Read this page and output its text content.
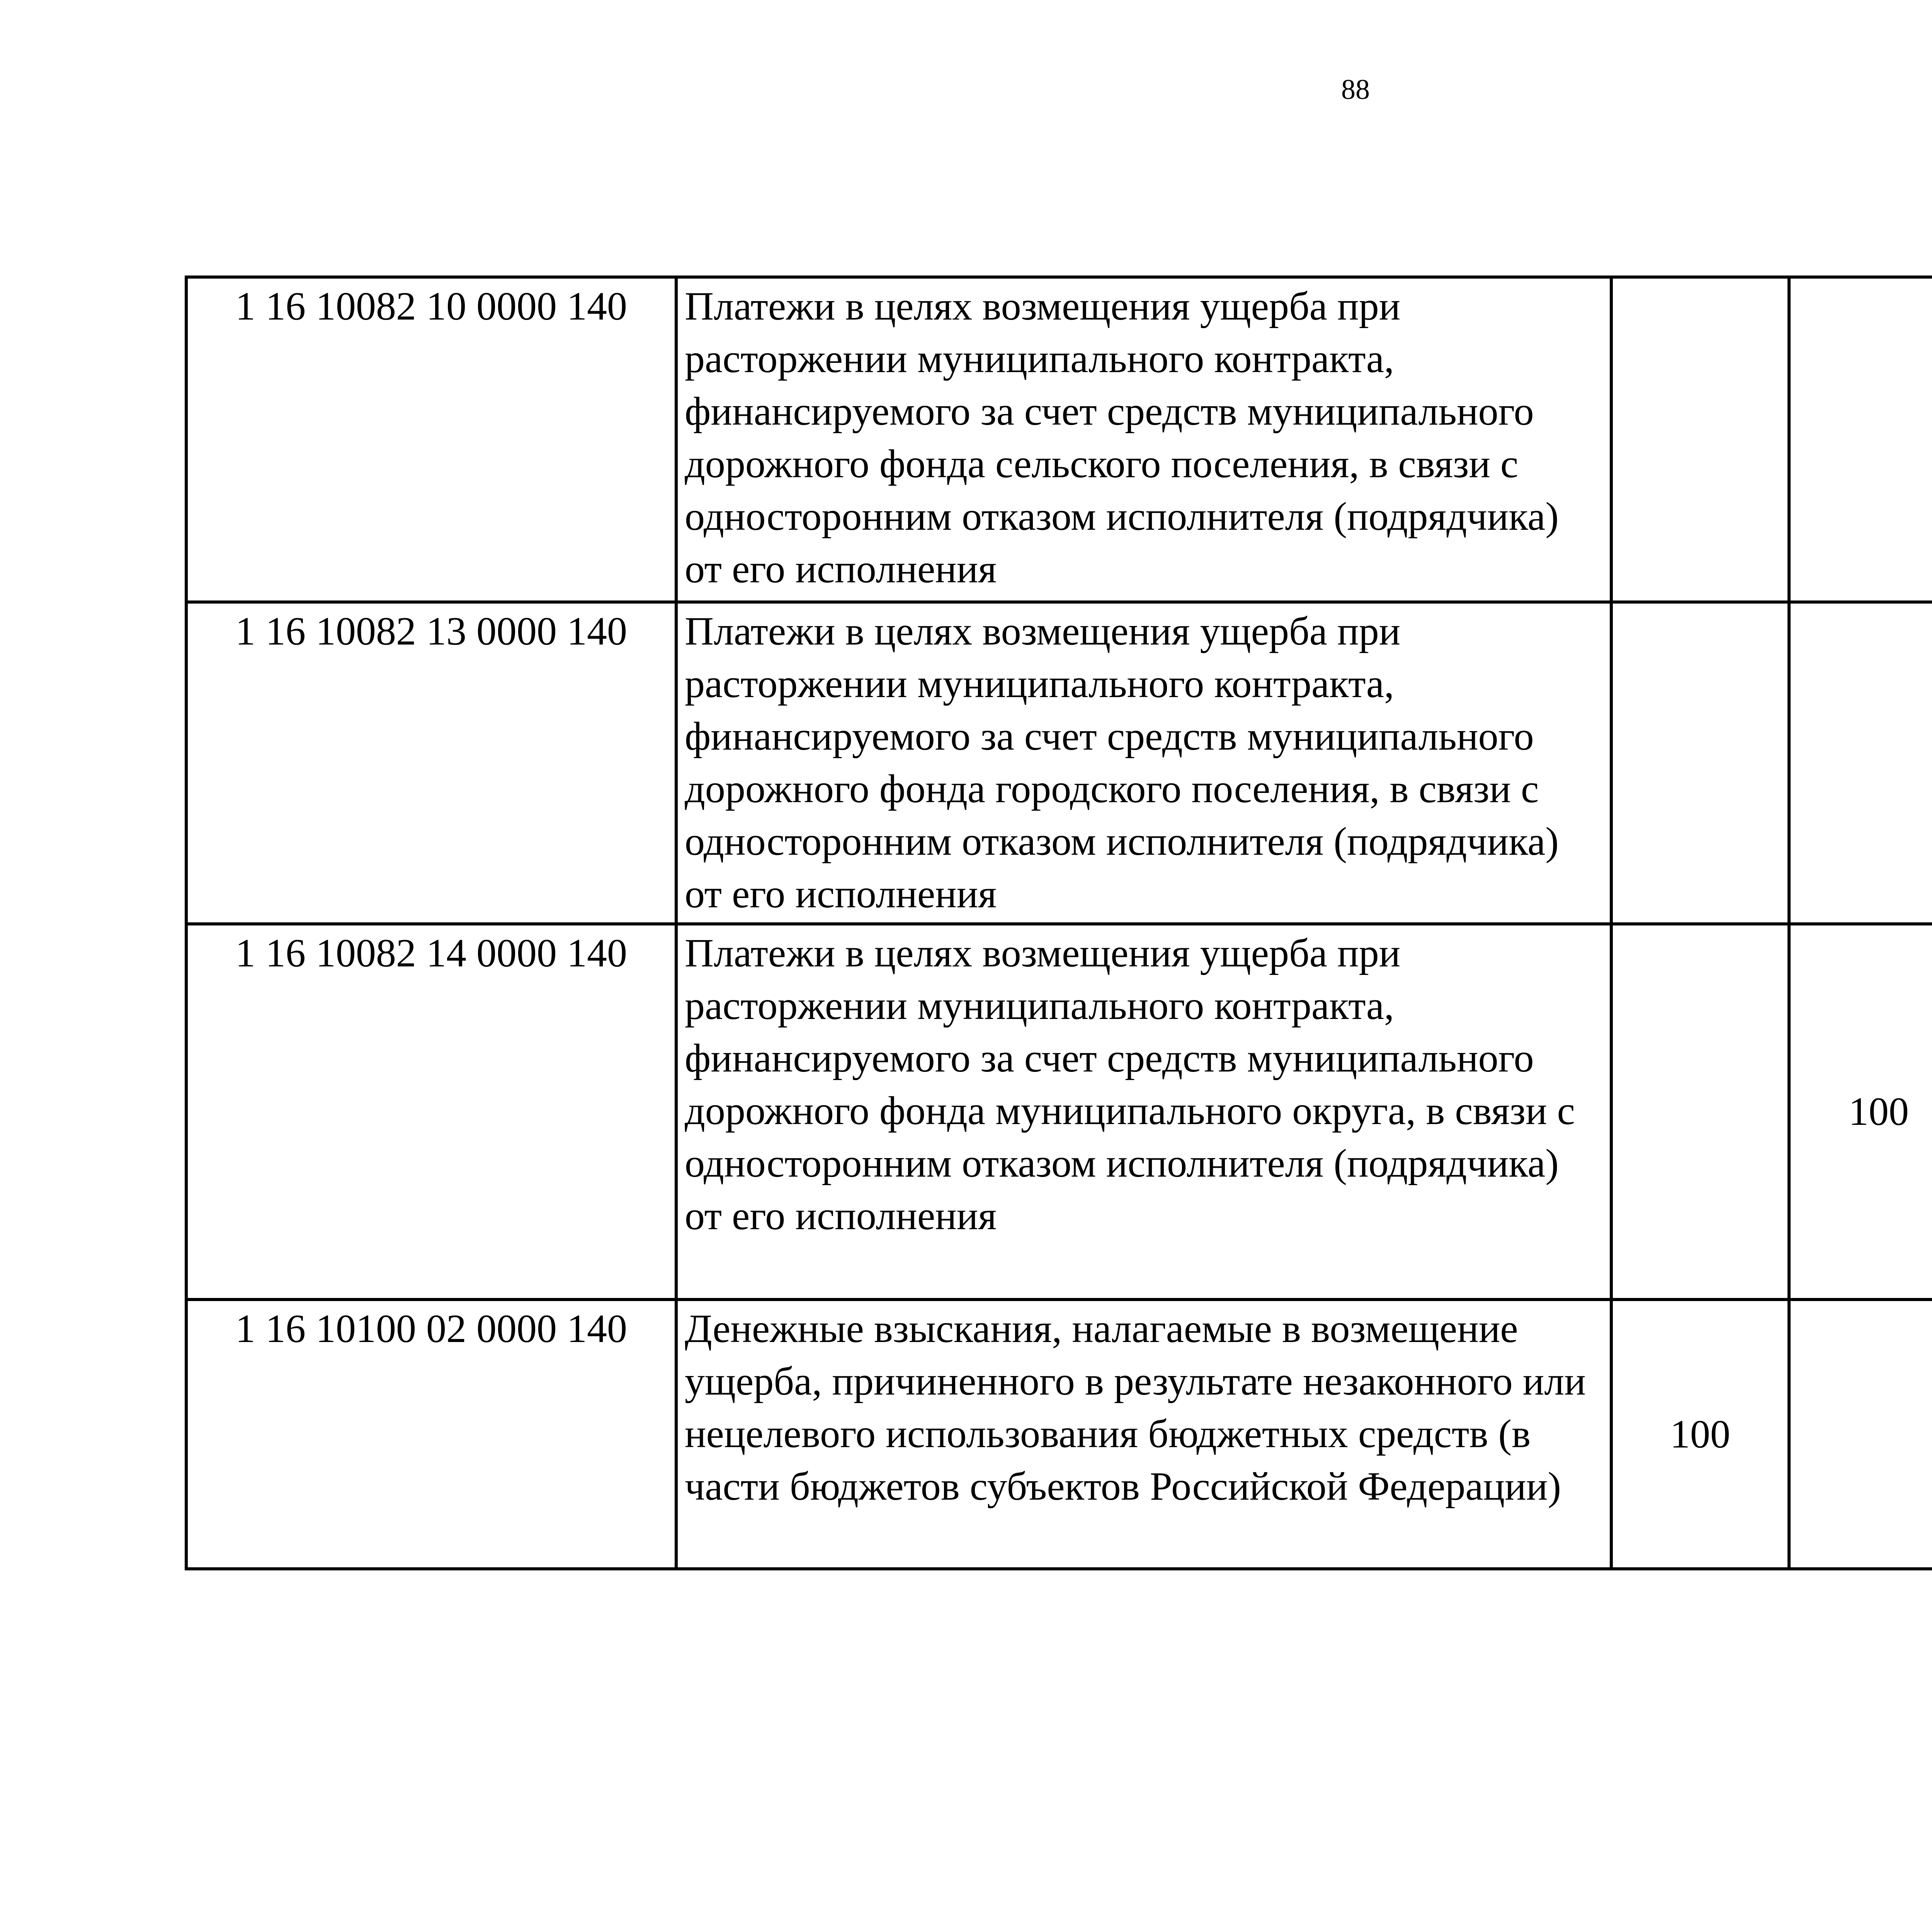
88
1 16 10082 10 0000 140	Платежи в целях возмещения ущерба при расторжении муниципального контракта, финансируемого за счет средств муниципального дорожного фонда сельского поселения, в связи с односторонним отказом исполнителя (подрядчика) от его исполнения					
1 16 10082 13 0000 140	Платежи в целях возмещения ущерба при расторжении муниципального контракта, финансируемого за счет средств муниципального дорожного фонда городского поселения, в связи с односторонним отказом исполнителя (подрядчика) от его исполнения					
1 16 10082 14 0000 140	Платежи в целях возмещения ущерба при расторжении муниципального контракта, финансируемого за счет средств муниципального дорожного фонда муниципального округа, в связи с односторонним отказом исполнителя (подрядчика) от его исполнения		100			
1 16 10100 02 0000 140	Денежные взыскания, налагаемые в возмещение ущерба, причиненного в результате незаконного или нецелевого использования бюджетных средств (в части бюджетов субъектов Российской Федерации)	100				
